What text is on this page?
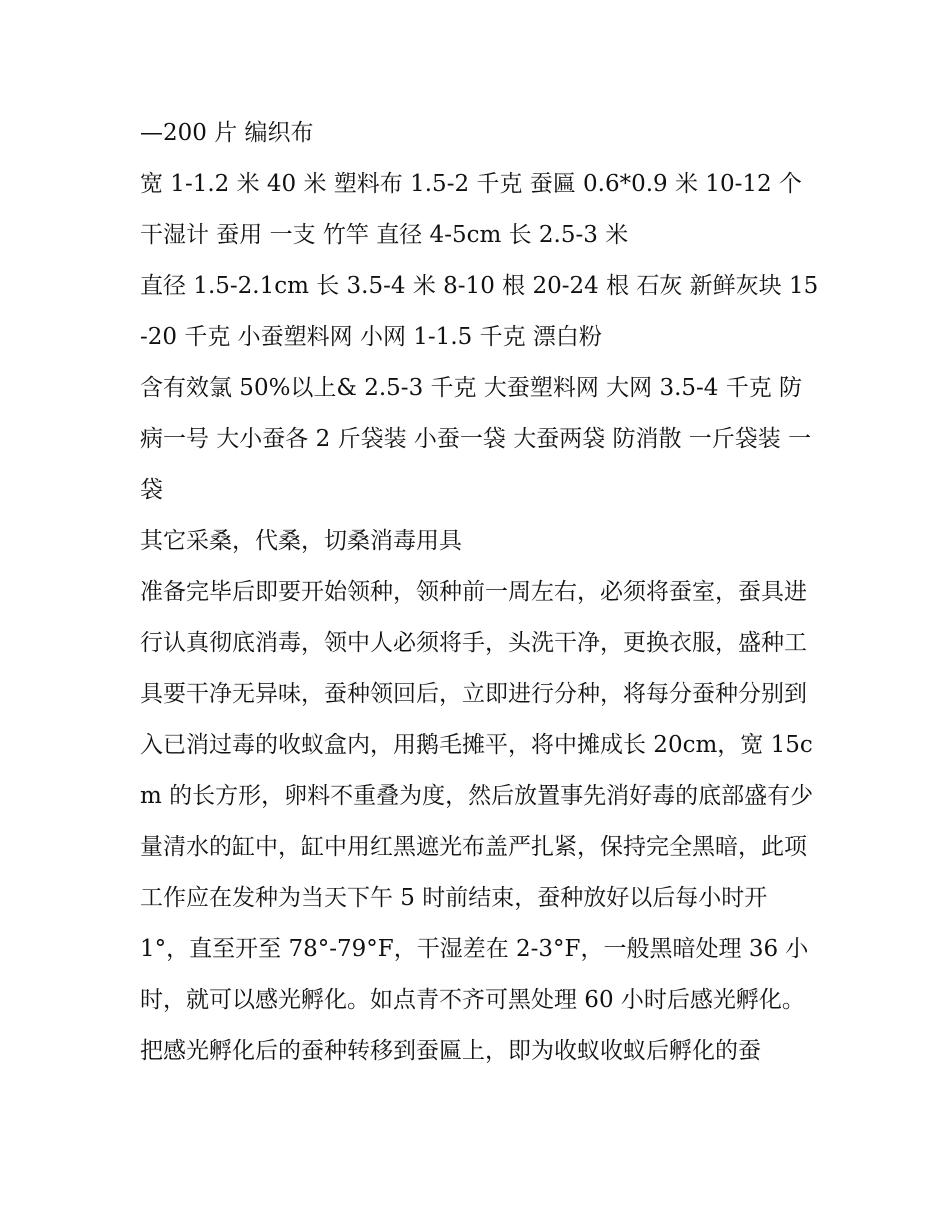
—200 片 编织布

宽 1-1.2 米 40 米 塑料布 1.5-2 千克 蚕匾 0.6*0.9 米 10-12 个 干湿计 蚕用 一支 竹竿 直径 4-5cm 长 2.5-3 米

直径 1.5-2.1cm 长 3.5-4 米 8-10 根 20-24 根 石灰 新鲜灰块 15-20 千克 小蚕塑料网 小网 1-1.5 千克 漂白粉

含有效氯 50%以上& 2.5-3 千克 大蚕塑料网 大网 3.5-4 千克 防病一号 大小蚕各 2 斤袋装 小蚕一袋 大蚕两袋 防消散 一斤袋装 一袋

其它采桑，代桑，切桑消毒用具

准备完毕后即要开始领种，领种前一周左右，必须将蚕室，蚕具进行认真彻底消毒，领中人必须将手，头洗干净，更换衣服，盛种工具要干净无异味，蚕种领回后，立即进行分种，将每分蚕种分别到入已消过毒的收蚁盒内，用鹅毛摊平，将中摊成长 20cm，宽 15cm 的长方形，卵料不重叠为度，然后放置事先消好毒的底部盛有少量清水的缸中，缸中用红黑遮光布盖严扎紧，保持完全黑暗，此项工作应在发种为当天下午 5 时前结束，蚕种放好以后每小时开 1°，直至开至 78°-79°F，干湿差在 2-3°F，一般黑暗处理 36 小时，就可以感光孵化。如点青不齐可黑处理 60 小时后感光孵化。

把感光孵化后的蚕种转移到蚕匾上，即为收蚁收蚁后孵化的蚕
